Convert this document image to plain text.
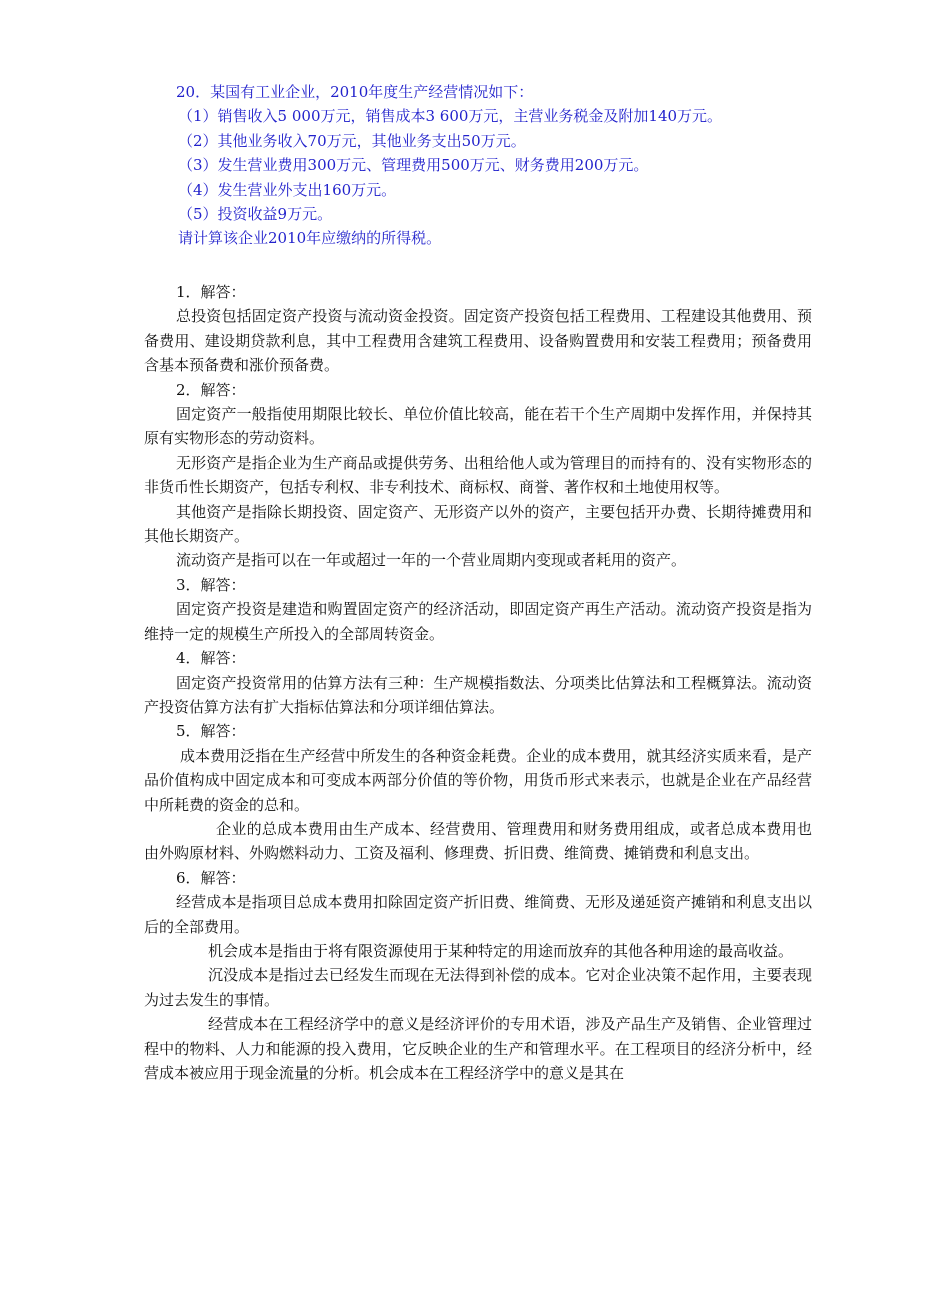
20．某国有工业企业，2010年度生产经营情况如下：
（1）销售收入5 000万元，销售成本3 600万元，主营业务税金及附加140万元。
（2）其他业务收入70万元，其他业务支出50万元。
（3）发生营业费用300万元、管理费用500万元、财务费用200万元。
（4）发生营业外支出160万元。
（5）投资收益9万元。
请计算该企业2010年应缴纳的所得税。

1．解答：

总投资包括固定资产投资与流动资金投资。固定资产投资包括工程费用、工程建设其他费用、预备费用、建设期贷款利息，其中工程费用含建筑工程费用、设备购置费用和安装工程费用；预备费用含基本预备费和涨价预备费。

2．解答：

固定资产一般指使用期限比较长、单位价值比较高，能在若干个生产周期中发挥作用，并保持其原有实物形态的劳动资料。

无形资产是指企业为生产商品或提供劳务、出租给他人或为管理目的而持有的、没有实物形态的非货币性长期资产，包括专利权、非专利技术、商标权、商誉、著作权和土地使用权等。

其他资产是指除长期投资、固定资产、无形资产以外的资产，主要包括开办费、长期待摊费用和其他长期资产。

流动资产是指可以在一年或超过一年的一个营业周期内变现或者耗用的资产。

3．解答：

固定资产投资是建造和购置固定资产的经济活动，即固定资产再生产活动。流动资产投资是指为维持一定的规模生产所投入的全部周转资金。

4．解答：

固定资产投资常用的估算方法有三种：生产规模指数法、分项类比估算法和工程概算法。流动资产投资估算方法有扩大指标估算法和分项详细估算法。

5．解答：

成本费用泛指在生产经营中所发生的各种资金耗费。企业的成本费用，就其经济实质来看，是产品价值构成中固定成本和可变成本两部分价值的等价物，用货币形式来表示，也就是企业在产品经营中所耗费的资金的总和。

企业的总成本费用由生产成本、经营费用、管理费用和财务费用组成，或者总成本费用也由外购原材料、外购燃料动力、工资及福利、修理费、折旧费、维简费、摊销费和利息支出。

6．解答：

经营成本是指项目总成本费用扣除固定资产折旧费、维简费、无形及递延资产摊销和利息支出以后的全部费用。

机会成本是指由于将有限资源使用于某种特定的用途而放弃的其他各种用途的最高收益。

沉没成本是指过去已经发生而现在无法得到补偿的成本。它对企业决策不起作用，主要表现为过去发生的事情。

经营成本在工程经济学中的意义是经济评价的专用术语，涉及产品生产及销售、企业管理过程中的物料、人力和能源的投入费用，它反映企业的生产和管理水平。在工程项目的经济分析中，经营成本被应用于现金流量的分析。机会成本在工程经济学中的意义是其在
